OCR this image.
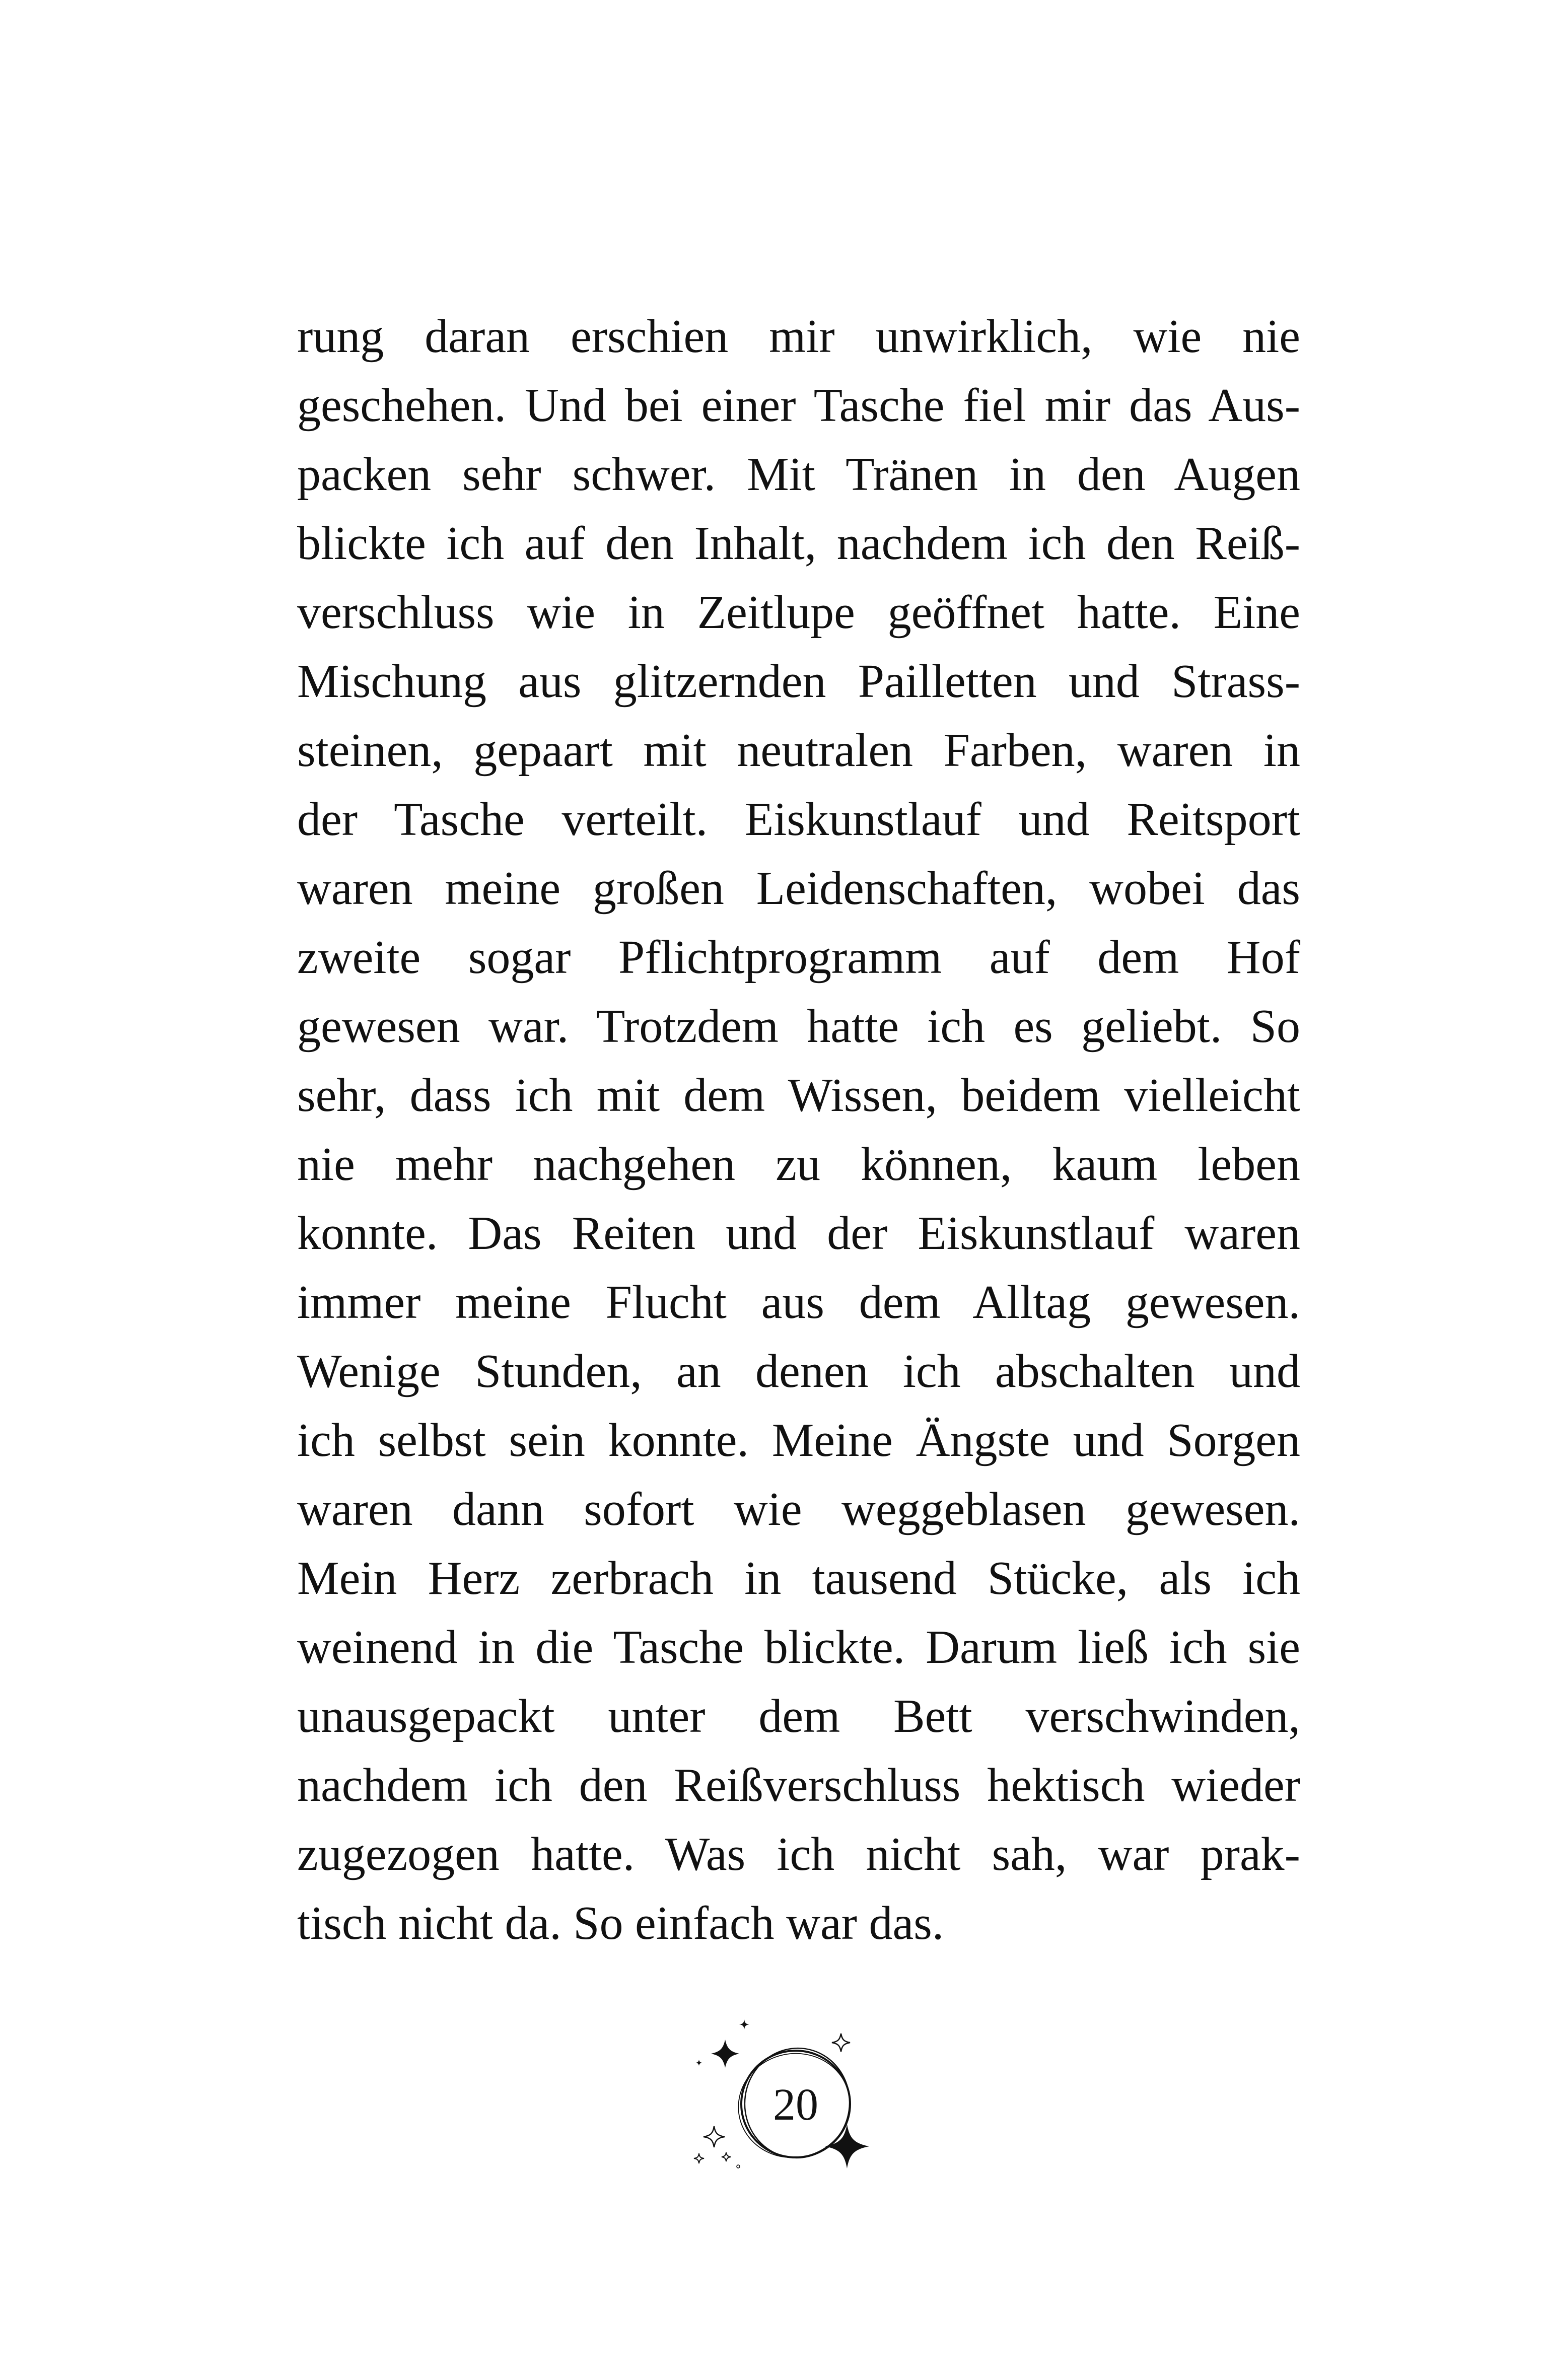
rung daran erschien mir unwirklich, wie nie
geschehen. Und bei einer Tasche fiel mir das Aus-
packen sehr schwer. Mit Tränen in den Augen
blickte ich auf den Inhalt, nachdem ich den Reiß-
verschluss wie in Zeitlupe geöffnet hatte. Eine
Mischung aus glitzernden Pailletten und Strass-
steinen, gepaart mit neutralen Farben, waren in
der Tasche verteilt. Eiskunstlauf und Reitsport
waren meine großen Leidenschaften, wobei das
zweite sogar Pflichtprogramm auf dem Hof
gewesen war. Trotzdem hatte ich es geliebt. So
sehr, dass ich mit dem Wissen, beidem vielleicht
nie mehr nachgehen zu können, kaum leben
konnte. Das Reiten und der Eiskunstlauf waren
immer meine Flucht aus dem Alltag gewesen.
Wenige Stunden, an denen ich abschalten und
ich selbst sein konnte. Meine Ängste und Sorgen
waren dann sofort wie weggeblasen gewesen.
Mein Herz zerbrach in tausend Stücke, als ich
weinend in die Tasche blickte. Darum ließ ich sie
unausgepackt unter dem Bett verschwinden,
nachdem ich den Reißverschluss hektisch wieder
zugezogen hatte. Was ich nicht sah, war prak-
tisch nicht da. So einfach war das.
20
